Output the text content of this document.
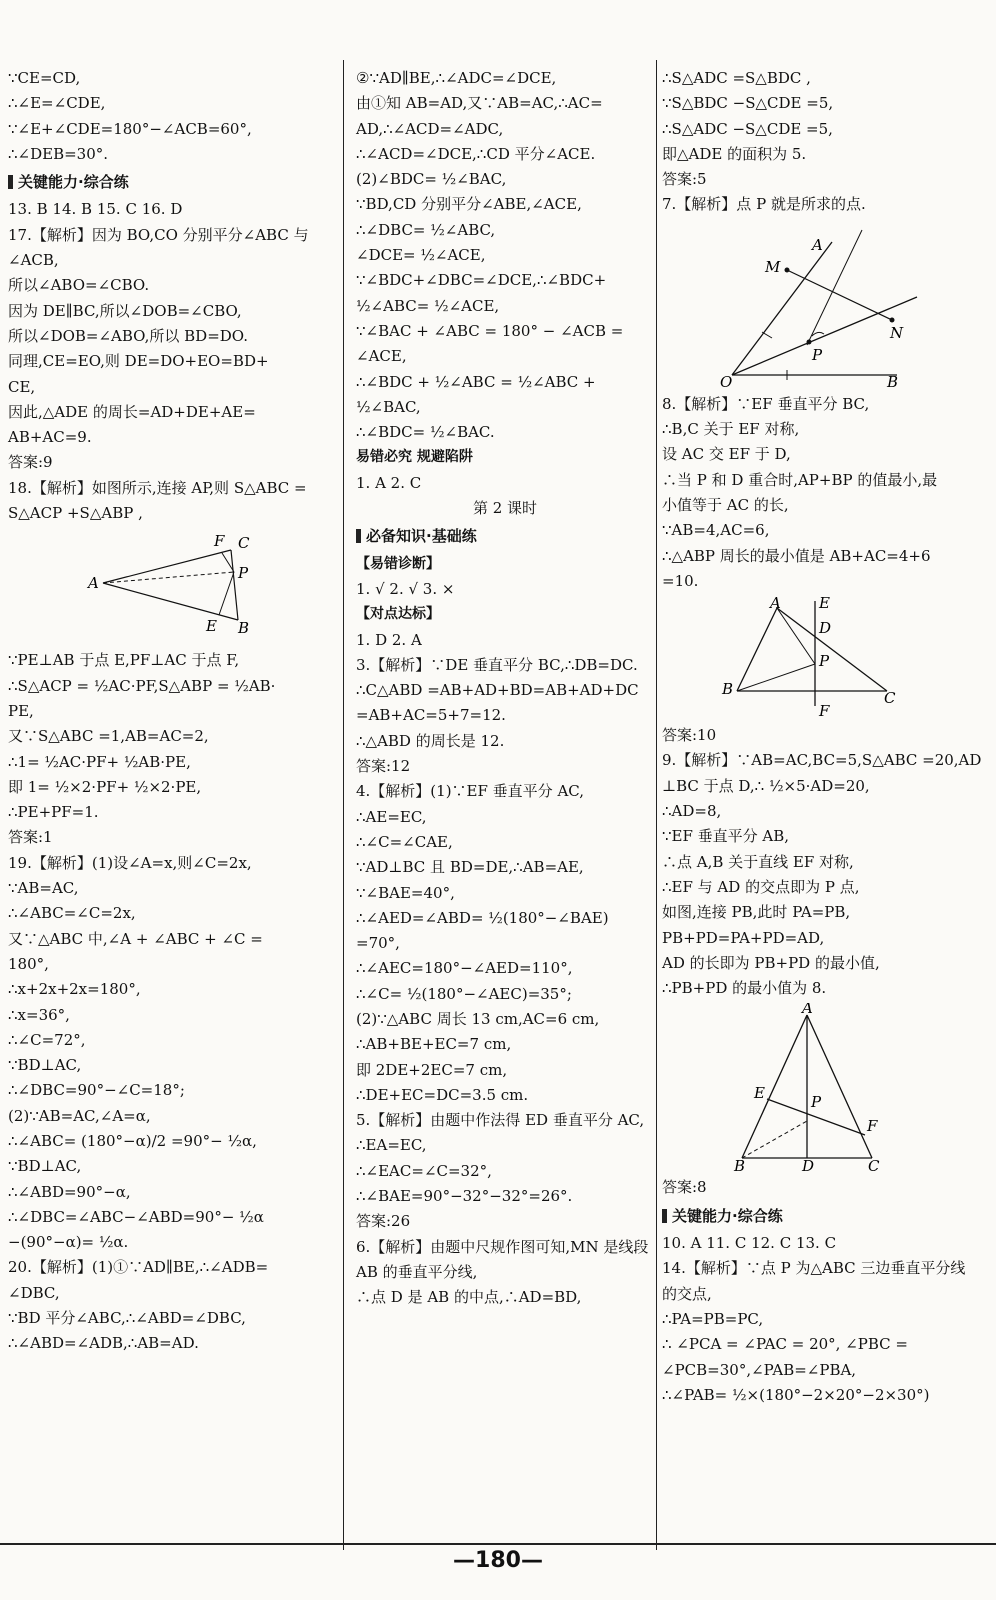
∵CE=CD,
∴∠E=∠CDE,
∵∠E+∠CDE=180°−∠ACB=60°,
∴∠DEB=30°.
关键能力·综合练
13. B 14. B 15. C 16. D
17.【解析】因为 BO,CO 分别平分∠ABC 与
∠ACB,
所以∠ABO=∠CBO.
因为 DE∥BC,所以∠DOB=∠CBO,
所以∠DOB=∠ABO,所以 BD=DO.
同理,CE=EO,则 DE=DO+EO=BD+
CE,
因此,△ADE 的周长=AD+DE+AE=
AB+AC=9.
答案:9
18.【解析】如图所示,连接 AP,则 S△ABC =
S△ACP +S△ABP ,
A
F C
P
E B
∵PE⊥AB 于点 E,PF⊥AC 于点 F,
∴S△ACP = ½AC·PF,S△ABP = ½AB·
PE,
又∵S△ABC =1,AB=AC=2,
∴1= ½AC·PF+ ½AB·PE,
即 1= ½×2·PF+ ½×2·PE,
∴PE+PF=1.
答案:1
19.【解析】(1)设∠A=x,则∠C=2x,
∵AB=AC,
∴∠ABC=∠C=2x,
又∵△ABC 中,∠A + ∠ABC + ∠C =
180°,
∴x+2x+2x=180°,
∴x=36°,
∴∠C=72°,
∵BD⊥AC,
∴∠DBC=90°−∠C=18°;
(2)∵AB=AC,∠A=α,
∴∠ABC= (180°−α)/2 =90°− ½α,
∵BD⊥AC,
∴∠ABD=90°−α,
∴∠DBC=∠ABC−∠ABD=90°− ½α
−(90°−α)= ½α.
20.【解析】(1)①∵AD∥BE,∴∠ADB=
∠DBC,
∵BD 平分∠ABC,∴∠ABD=∠DBC,
∴∠ABD=∠ADB,∴AB=AD.
②∵AD∥BE,∴∠ADC=∠DCE,
由①知 AB=AD,又∵AB=AC,∴AC=
AD,∴∠ACD=∠ADC,
∴∠ACD=∠DCE,∴CD 平分∠ACE.
(2)∠BDC= ½∠BAC,
∵BD,CD 分别平分∠ABE,∠ACE,
∴∠DBC= ½∠ABC,
∠DCE= ½∠ACE,
∵∠BDC+∠DBC=∠DCE,∴∠BDC+
½∠ABC= ½∠ACE,
∵∠BAC + ∠ABC = 180° − ∠ACB =
∠ACE,
∴∠BDC + ½∠ABC = ½∠ABC +
½∠BAC,
∴∠BDC= ½∠BAC.
易错必究 规避陷阱
1. A 2. C
第 2 课时
必备知识·基础练
【易错诊断】
1. √ 2. √ 3. ×
【对点达标】
1. D 2. A
3.【解析】∵DE 垂直平分 BC,∴DB=DC.
∴C△ABD =AB+AD+BD=AB+AD+DC
=AB+AC=5+7=12.
∴△ABD 的周长是 12.
答案:12
4.【解析】(1)∵EF 垂直平分 AC,
∴AE=EC,
∴∠C=∠CAE,
∵AD⊥BC 且 BD=DE,∴AB=AE,
∵∠BAE=40°,
∴∠AED=∠ABD= ½(180°−∠BAE)
=70°,
∴∠AEC=180°−∠AED=110°,
∴∠C= ½(180°−∠AEC)=35°;
(2)∵△ABC 周长 13 cm,AC=6 cm,
∴AB+BE+EC=7 cm,
即 2DE+2EC=7 cm,
∴DE+EC=DC=3.5 cm.
5.【解析】由题中作法得 ED 垂直平分 AC,
∴EA=EC,
∴∠EAC=∠C=32°,
∴∠BAE=90°−32°−32°=26°.
答案:26
6.【解析】由题中尺规作图可知,MN 是线段
AB 的垂直平分线,
∴点 D 是 AB 的中点,∴AD=BD,
∴S△ADC =S△BDC ,
∵S△BDC −S△CDE =5,
∴S△ADC −S△CDE =5,
即△ADE 的面积为 5.
答案:5
7.【解析】点 P 就是所求的点.
A
M
N
P
O	B
8.【解析】∵EF 垂直平分 BC,
∴B,C 关于 EF 对称,
设 AC 交 EF 于 D,
∴当 P 和 D 重合时,AP+BP 的值最小,最
小值等于 AC 的长,
∵AB=4,AC=6,
∴△ABP 周长的最小值是 AB+AC=4+6
=10.
A	E
D
P
B	C
F
答案:10
9.【解析】∵AB=AC,BC=5,S△ABC =20,AD
⊥BC 于点 D,∴ ½×5·AD=20,
∴AD=8,
∵EF 垂直平分 AB,
∴点 A,B 关于直线 EF 对称,
∴EF 与 AD 的交点即为 P 点,
如图,连接 PB,此时 PA=PB,
PB+PD=PA+PD=AD,
AD 的长即为 PB+PD 的最小值,
∴PB+PD 的最小值为 8.
A
E	P
F
B	D	C
答案:8
关键能力·综合练
10. A 11. C 12. C 13. C
14.【解析】∵点 P 为△ABC 三边垂直平分线
的交点,
∴PA=PB=PC,
∴ ∠PCA = ∠PAC = 20°, ∠PBC =
∠PCB=30°,∠PAB=∠PBA,
∴∠PAB= ½×(180°−2×20°−2×30°)
—180—
